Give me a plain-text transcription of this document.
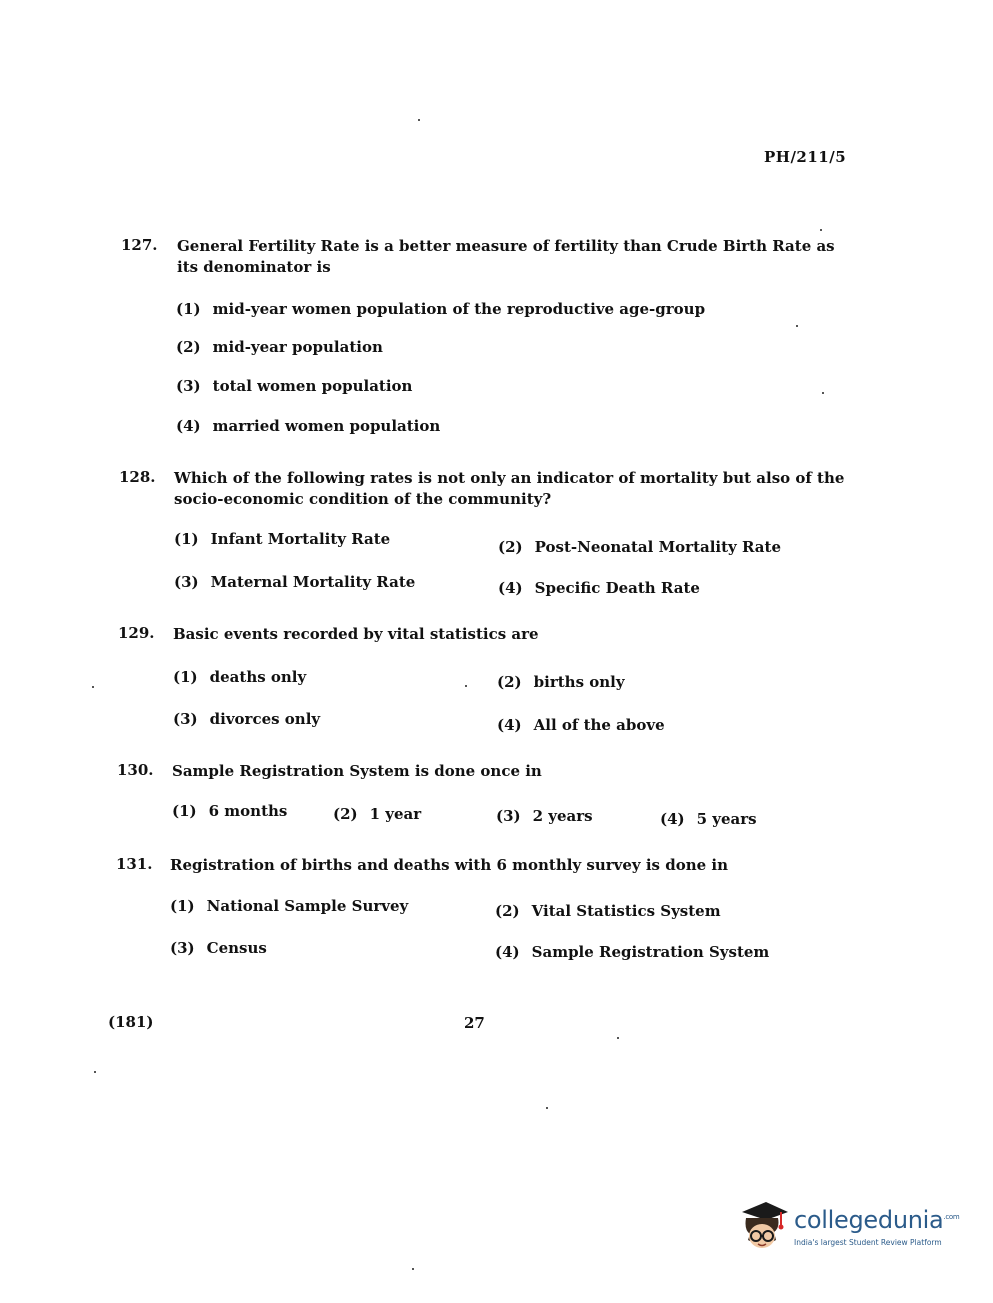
PH/211/5
127. General Fertility Rate is a better measure of fertility than Crude Birth Rate as its denominator is
(1) mid-year women population of the reproductive age-group
(2) mid-year population
(3) total women population
(4) married women population
128. Which of the following rates is not only an indicator of mortality but also of the socio-economic condition of the community?
(1) Infant Mortality Rate	(2) Post-Neonatal Mortality Rate
(3) Maternal Mortality Rate	(4) Specific Death Rate
129. Basic events recorded by vital statistics are
(1) deaths only	(2) births only
(3) divorces only	(4) All of the above
130. Sample Registration System is done once in
(1) 6 months	(2) 1 year	(3) 2 years	(4) 5 years
131. Registration of births and deaths with 6 monthly survey is done in
(1) National Sample Survey	(2) Vital Statistics System
(3) Census	(4) Sample Registration System
(181)	27
collegedunia$^{.com}$
India's largest Student Review Platform
